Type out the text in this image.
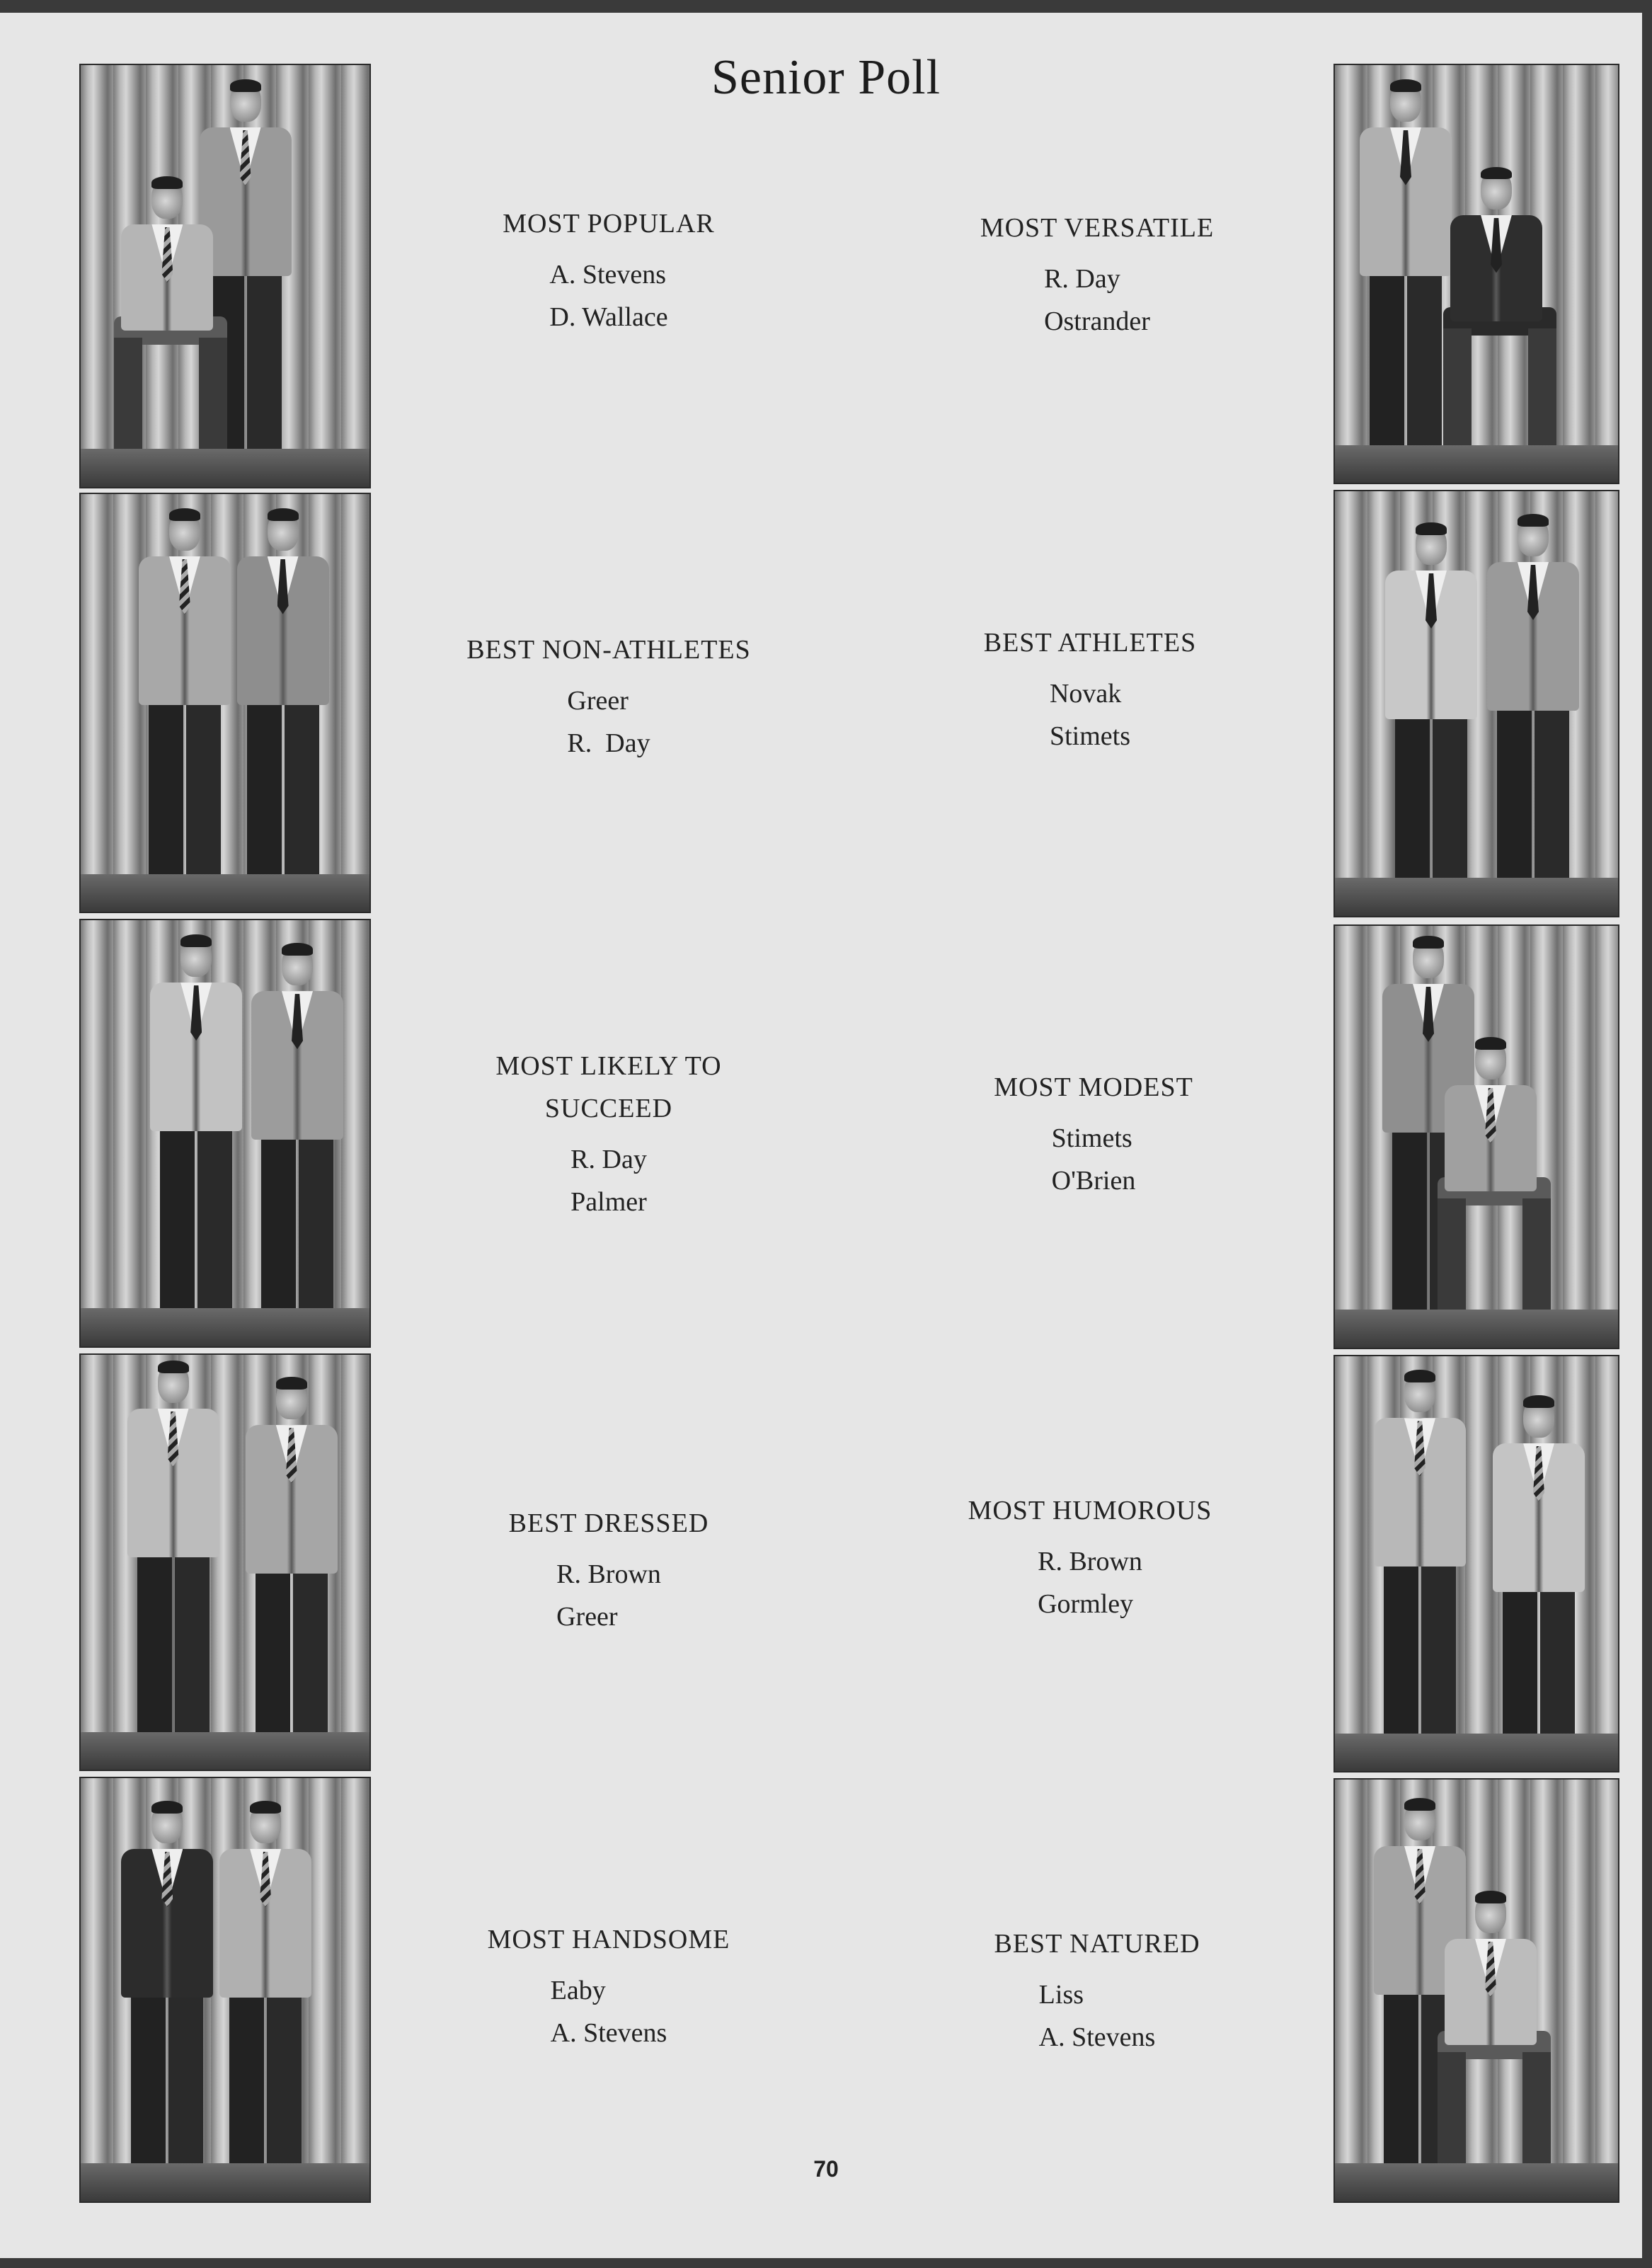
Senior Poll
MOST POPULAR
A. Stevens
D. Wallace
MOST VERSATILE
R. Day
Ostrander
BEST NON-ATHLETES
Greer
R.  Day
BEST ATHLETES
Novak
Stimets
MOST LIKELY TO
SUCCEED
R. Day
Palmer
MOST MODEST
Stimets
O'Brien
BEST DRESSED
R. Brown
Greer
MOST HUMOROUS
R. Brown
Gormley
MOST HANDSOME
Eaby
A. Stevens
BEST NATURED
Liss
A. Stevens
70
